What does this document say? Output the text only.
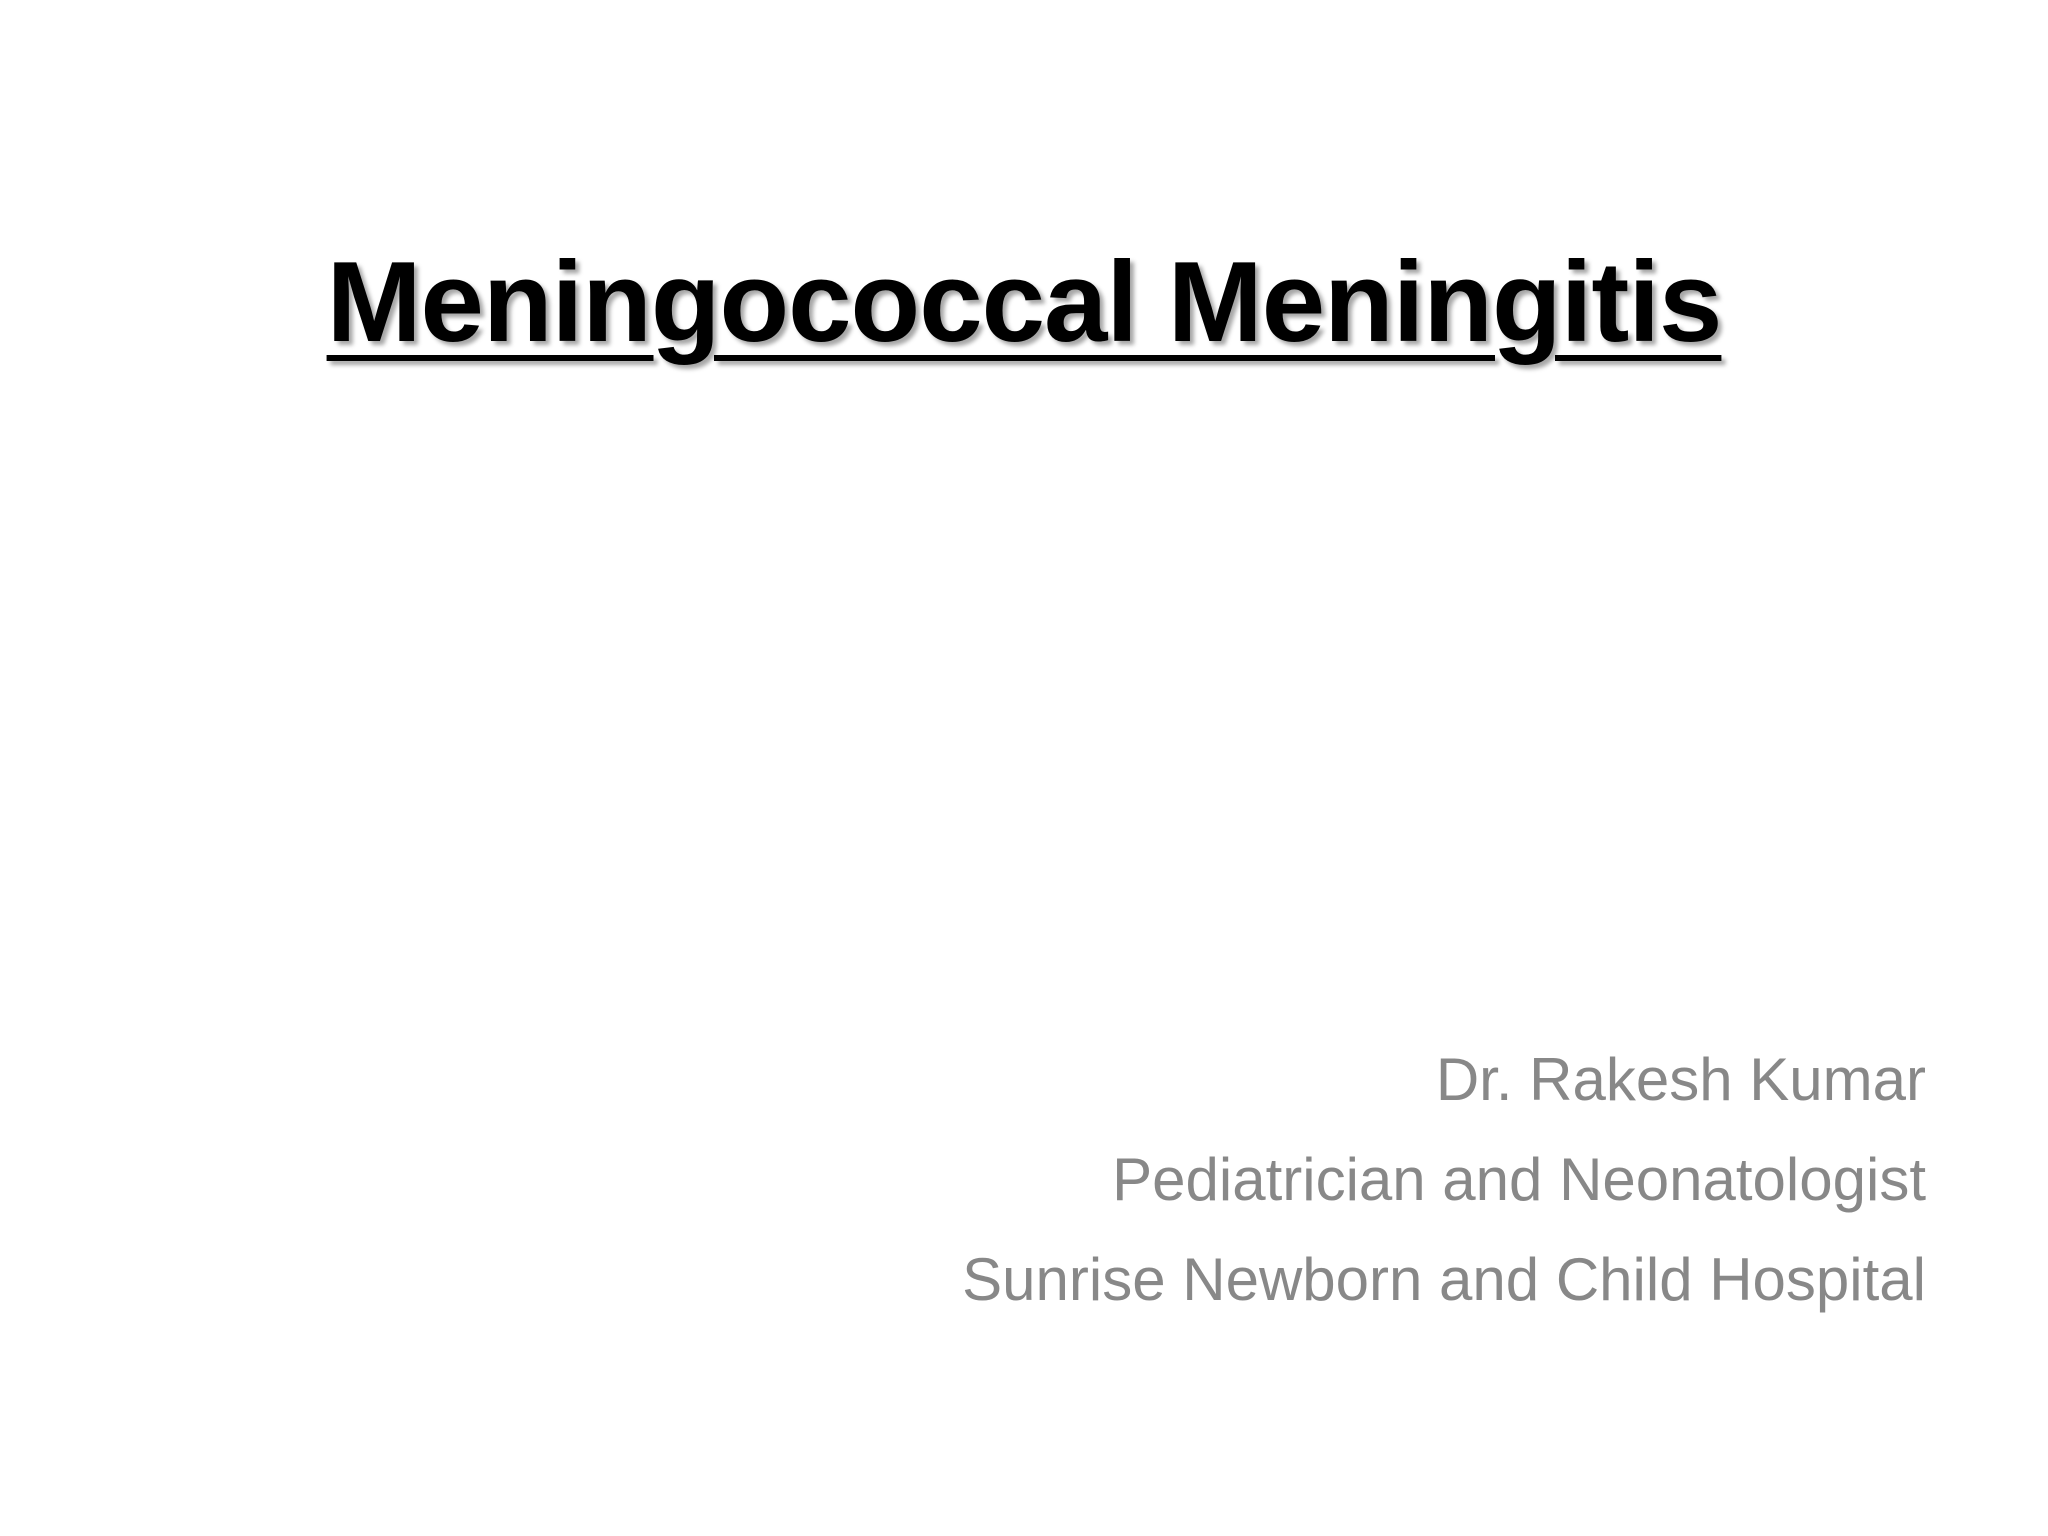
Meningococcal Meningitis
Dr. Rakesh Kumar
Pediatrician and Neonatologist
Sunrise Newborn and Child Hospital
